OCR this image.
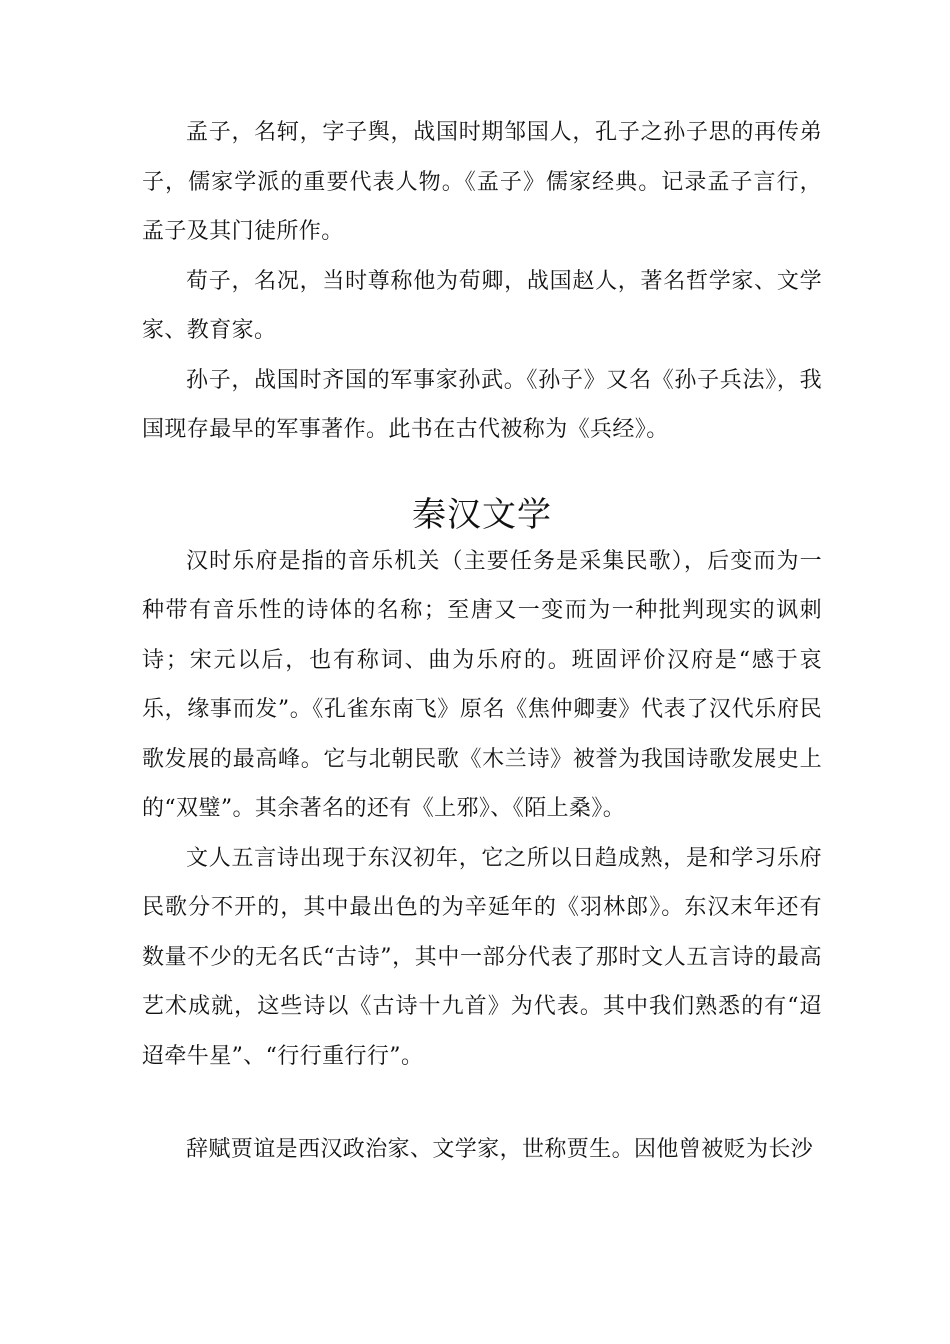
孟子，名轲，字子舆，战国时期邹国人，孔子之孙子思的再传弟子，儒家学派的重要代表人物。《孟子》儒家经典。记录孟子言行，孟子及其门徒所作。

荀子，名况，当时尊称他为荀卿，战国赵人，著名哲学家、文学家、教育家。

孙子，战国时齐国的军事家孙武。《孙子》又名《孙子兵法》，我国现存最早的军事著作。此书在古代被称为《兵经》。

秦汉文学

汉时乐府是指的音乐机关（主要任务是采集民歌），后变而为一种带有音乐性的诗体的名称；至唐又一变而为一种批判现实的讽刺诗；宋元以后，也有称词、曲为乐府的。班固评价汉府是“感于哀乐，缘事而发”。《孔雀东南飞》原名《焦仲卿妻》代表了汉代乐府民歌发展的最高峰。它与北朝民歌《木兰诗》被誉为我国诗歌发展史上的“双璧”。其余著名的还有《上邪》、《陌上桑》。

文人五言诗出现于东汉初年，它之所以日趋成熟，是和学习乐府民歌分不开的，其中最出色的为辛延年的《羽林郎》。东汉末年还有数量不少的无名氏“古诗”，其中一部分代表了那时文人五言诗的最高艺术成就，这些诗以《古诗十九首》为代表。其中我们熟悉的有“迢迢牵牛星”、“行行重行行”。

辞赋贾谊是西汉政治家、文学家，世称贾生。因他曾被贬为长沙
